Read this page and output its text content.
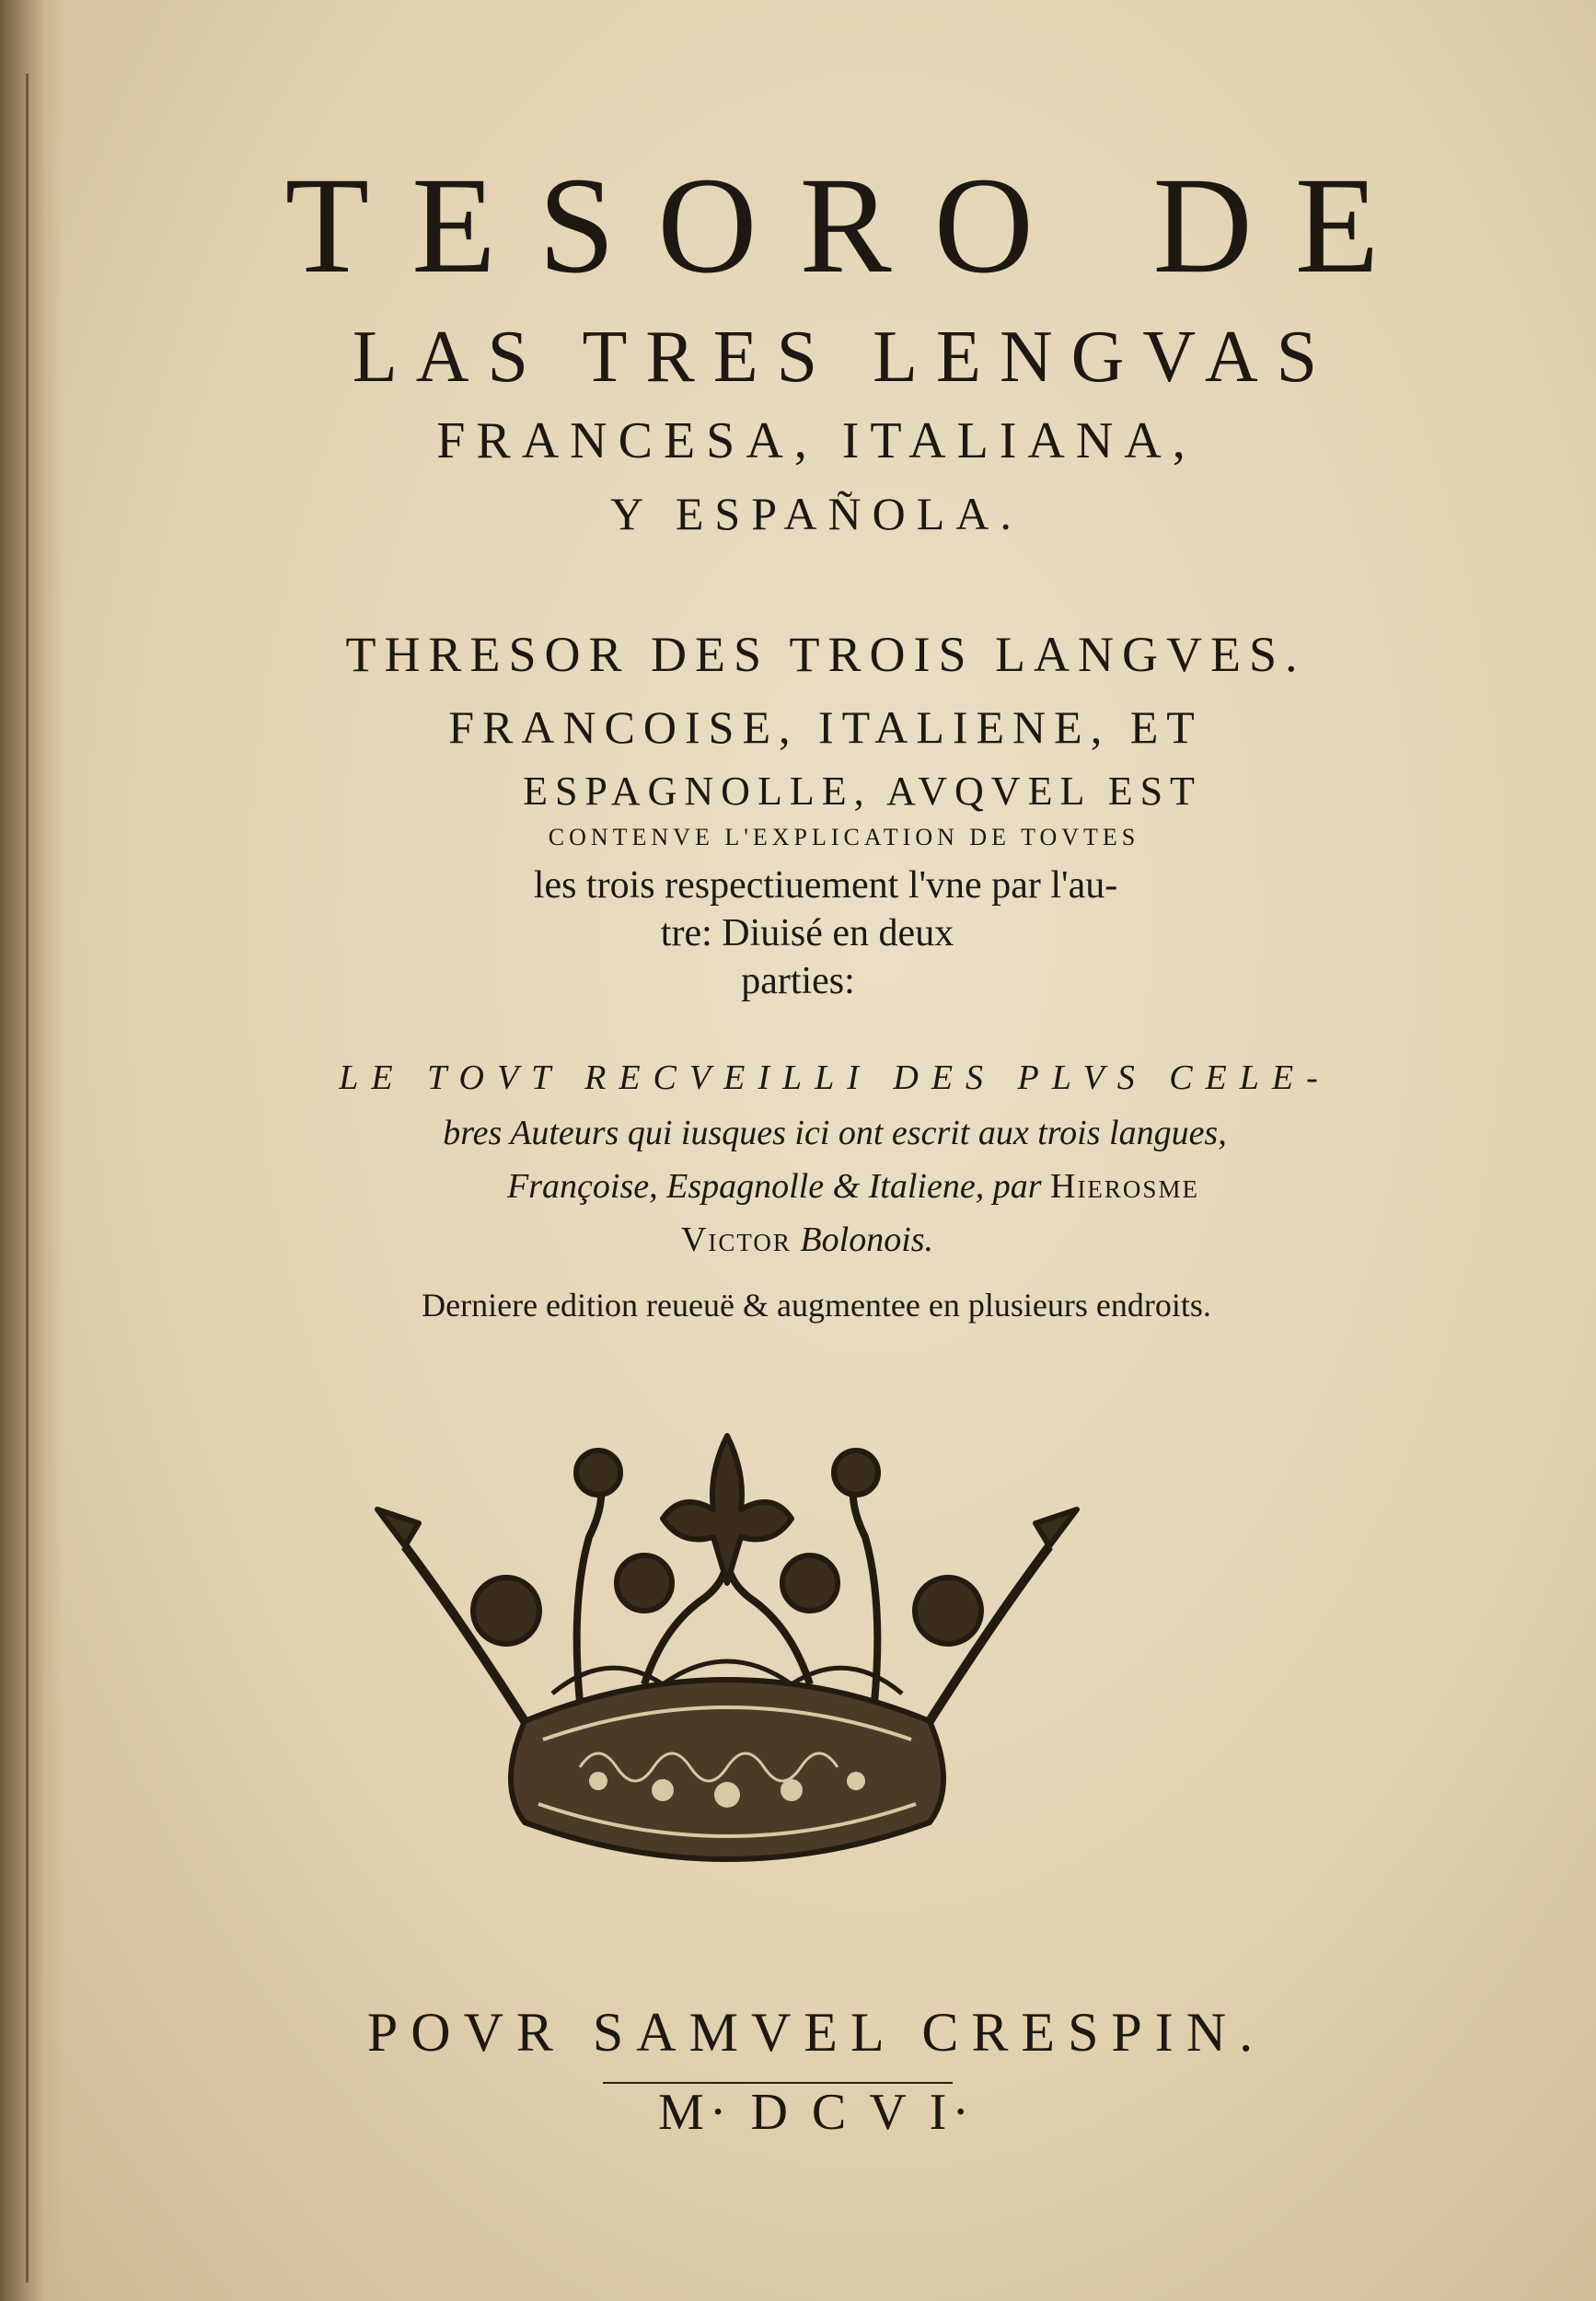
TESORO DE

LAS TRES LENGVAS

FRANCESA, ITALIANA,

Y ESPAÑOLA.

THRESOR DES TROIS LANGVES.

FRANCOISE, ITALIENE, ET

ESPAGNOLLE, AVQVEL EST

CONTENVE L'EXPLICATION DE TOVTES

les trois respectiuement l'vne par l'au-

tre: Diuisé en deux

parties:

LE TOVT RECVEILLI DES PLVS CELE-

bres Auteurs qui iusques ici ont escrit aux trois langues,

Françoise, Espagnolle & Italiene, par Hierosme

Victor Bolonois.

Derniere edition reueuë & augmentee en plusieurs endroits.

POVR SAMVEL CRESPIN.

M· D C V I·
